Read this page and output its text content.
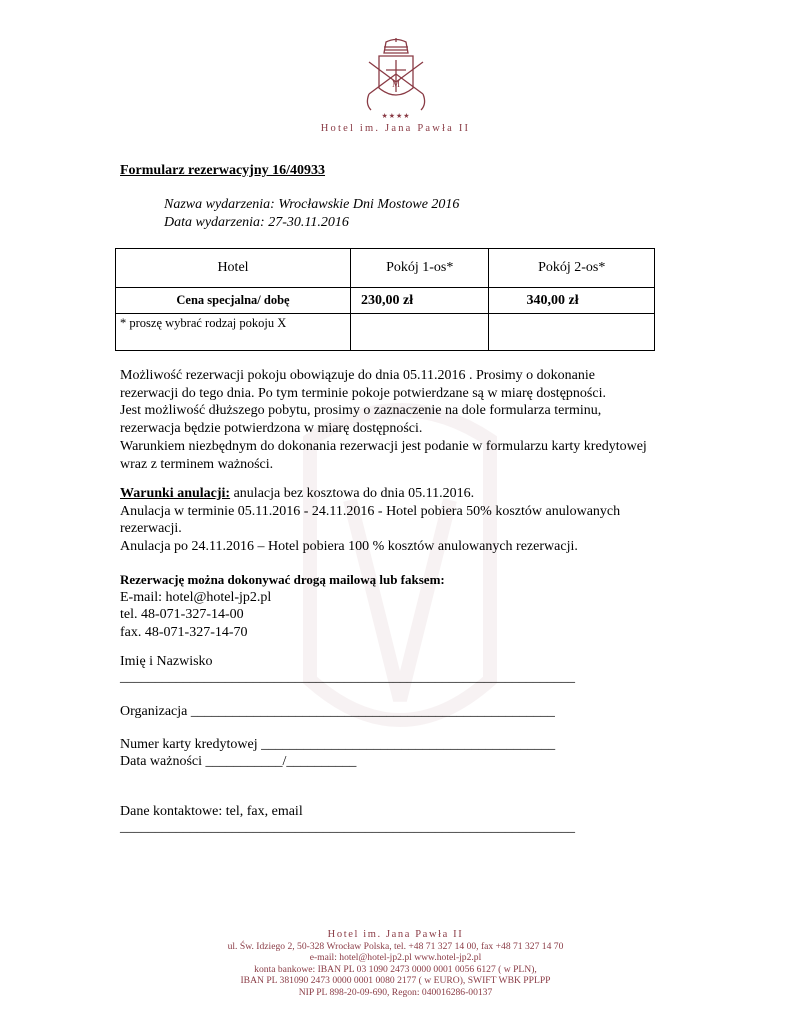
M
★★★★
Hotel im. Jana Pawła II
Formularz rezerwacyjny 16/40933
Nazwa wydarzenia: Wrocławskie Dni Mostowe 2016
Data wydarzenia: 27-30.11.2016
Hotel	Pokój 1-os*	Pokój 2-os*
Cena specjalna/ dobę	230,00 zł	340,00 zł
* proszę wybrać rodzaj pokoju X		
Możliwość rezerwacji pokoju obowiązuje do dnia 05.11.2016 . Prosimy o dokonanie
rezerwacji do tego dnia. Po tym terminie pokoje potwierdzane są w miarę dostępności.
Jest możliwość dłuższego pobytu, prosimy o zaznaczenie na dole formularza terminu,
rezerwacja będzie potwierdzona w miarę dostępności.
Warunkiem niezbędnym do dokonania rezerwacji jest podanie w formularzu karty kredytowej
wraz z terminem ważności.
Warunki anulacji: anulacja bez kosztowa do dnia 05.11.2016.
Anulacja w terminie 05.11.2016 - 24.11.2016 - Hotel pobiera 50% kosztów anulowanych
rezerwacji.
Anulacja po 24.11.2016 – Hotel pobiera 100 % kosztów anulowanych rezerwacji.
Rezerwację można dokonywać drogą mailową lub faksem:
E-mail: hotel@hotel-jp2.pl
tel. 48-071-327-14-00
fax. 48-071-327-14-70
Imię i Nazwisko
_________________________________________________________________
Organizacja ____________________________________________________
Numer karty kredytowej __________________________________________
Data ważności ___________/__________
Dane kontaktowe: tel, fax, email
_________________________________________________________________
Hotel im. Jana Pawła II
ul. Św. Idziego 2, 50-328 Wrocław Polska, tel. +48 71 327 14 00, fax +48 71 327 14 70
e-mail: hotel@hotel-jp2.pl www.hotel-jp2.pl
konta bankowe: IBAN PL 03 1090 2473 0000 0001 0056 6127 ( w PLN),
IBAN PL 381090 2473 0000 0001 0080 2177 ( w EURO), SWIFT WBK PPLPP
NIP PL 898-20-09-690, Regon: 040016286-00137
